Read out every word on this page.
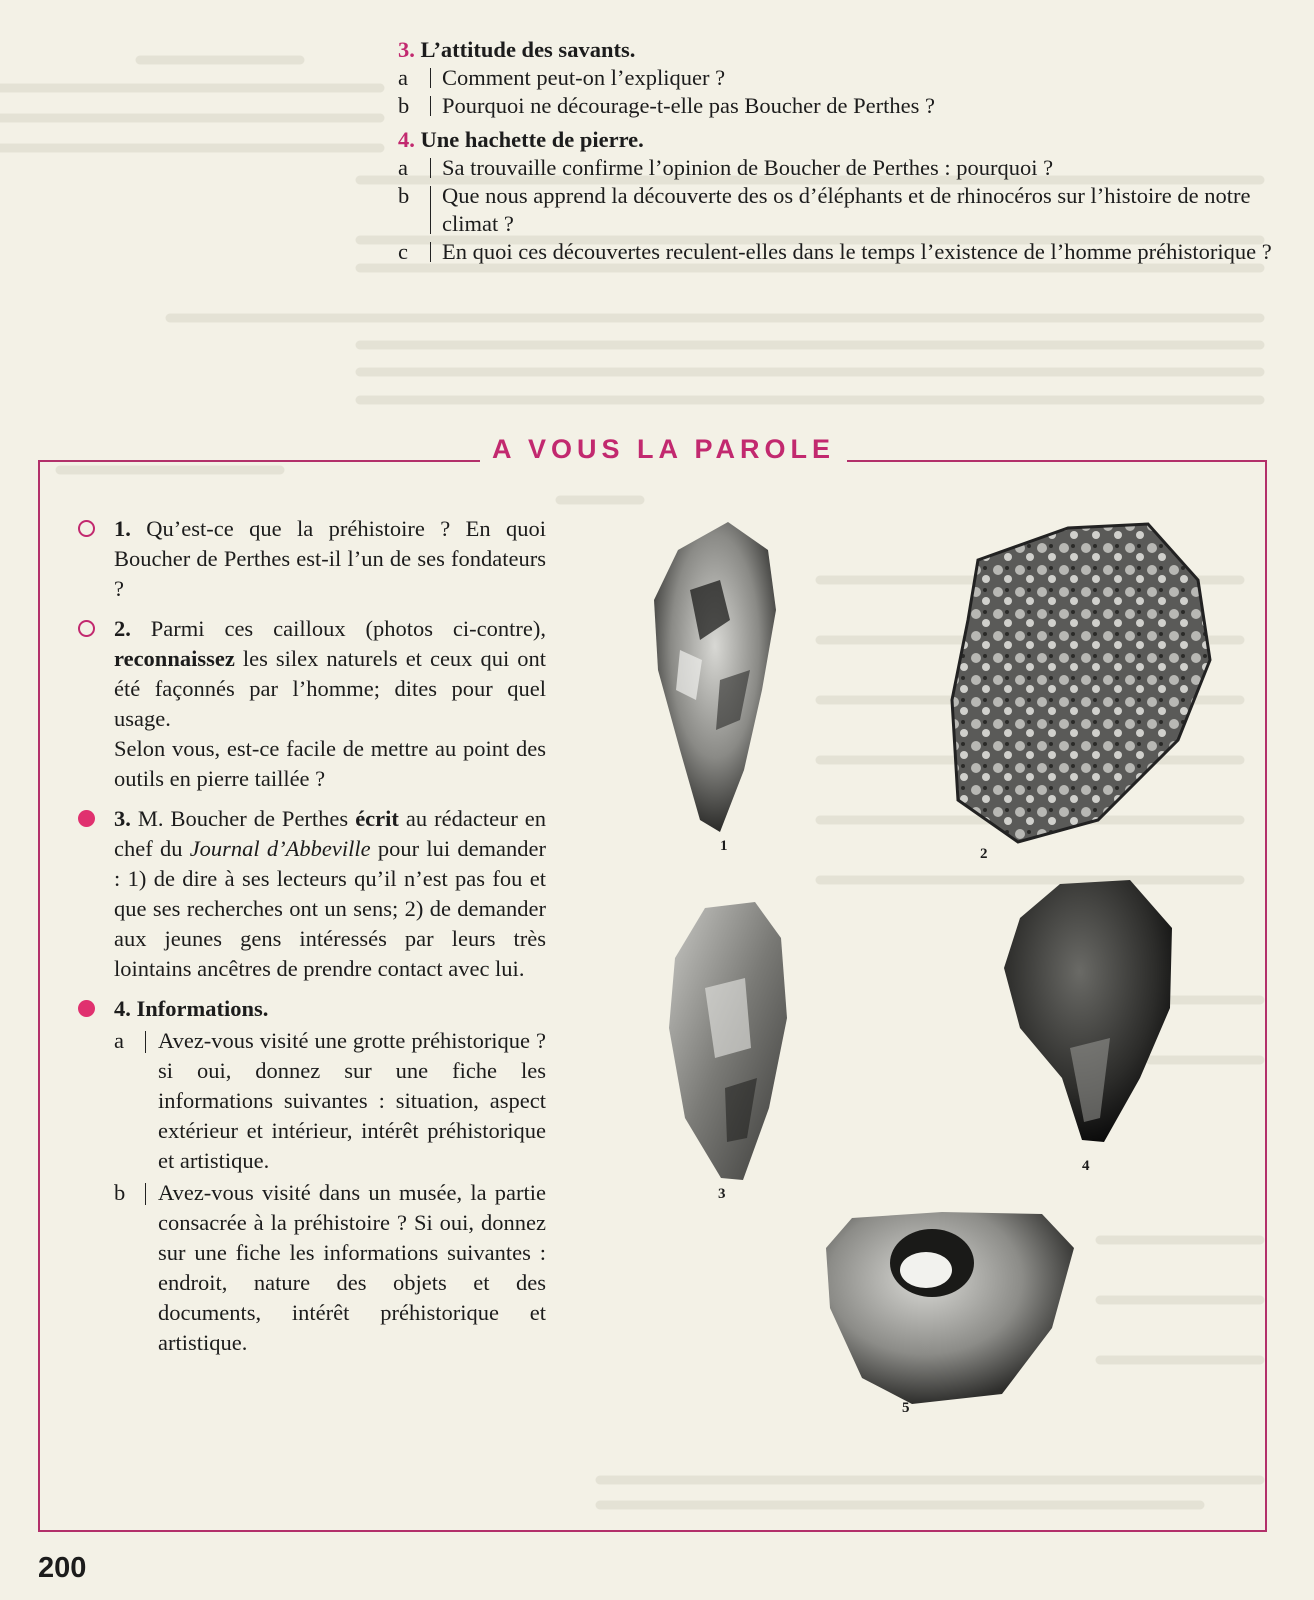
3. L’attitude des savants.
a	Comment peut-on l’expliquer ?
b	Pourquoi ne décourage-t-elle pas Boucher de Perthes ?
4. Une hachette de pierre.
a	Sa trouvaille confirme l’opinion de Boucher de Perthes : pourquoi ?
b	Que nous apprend la découverte des os d’éléphants et de rhinocéros sur l’histoire de notre climat ?
c	En quoi ces découvertes reculent-elles dans le temps l’existence de l’homme préhistorique ?
A VOUS LA PAROLE
1. Qu’est-ce que la préhistoire ? En quoi Boucher de Perthes est-il l’un de ses fondateurs ?
2. Parmi ces cailloux (photos ci-contre), reconnaissez les silex naturels et ceux qui ont été façonnés par l’homme; dites pour quel usage.
Selon vous, est-ce facile de mettre au point des outils en pierre taillée ?
3. M. Boucher de Perthes écrit au rédacteur en chef du Journal d’Abbeville pour lui demander : 1) de dire à ses lecteurs qu’il n’est pas fou et que ses recherches ont un sens; 2) de demander aux jeunes gens intéressés par leurs très lointains ancêtres de prendre contact avec lui.
4. Informations.
a	Avez-vous visité une grotte préhistorique ? si oui, donnez sur une fiche les informations suivantes : situation, aspect extérieur et intérieur, intérêt préhistorique et artistique.
b	Avez-vous visité dans un musée, la partie consacrée à la préhistoire ? Si oui, donnez sur une fiche les informations suivantes : endroit, nature des objets et des documents, intérêt préhistorique et artistique.
1	2
3
4
5
200
